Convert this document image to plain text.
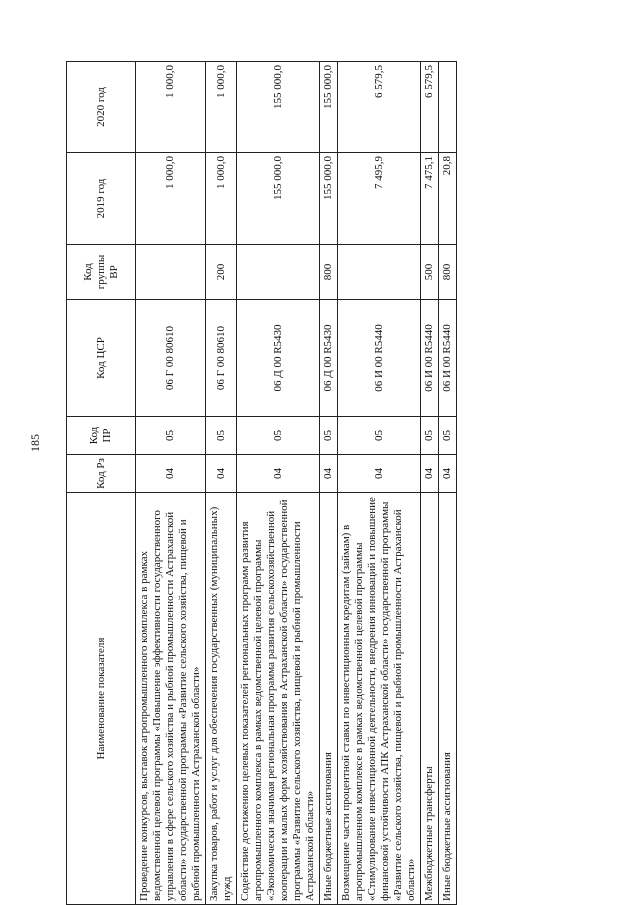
185
Наименование показателя	Код Рз	Код ПР	Код ЦСР	Код группы ВР	2019 год	2020 год
Проведение конкурсов, выставок агропромышленного комплекса в рамках ведомственной целевой программы «Повышение эффективности государственного управления в сфере сельского хозяйства и рыбной промышленности Астраханской области» государственной программы «Развитие сельского хозяйства, пищевой и рыбной промышленности Астраханской области»	04	05	06 Г 00 80610		1 000,0	1 000,0
Закупка товаров, работ и услуг для обеспечения государственных (муниципальных) нужд	04	05	06 Г 00 80610	200	1 000,0	1 000,0
Содействие достижению целевых показателей региональных программ развития агропромышленного комплекса в рамках ведомственной целевой программы «Экономически значимая региональная программа развития сельскохозяйственной кооперации и малых форм хозяйствования в Астраханской области» государственной программы «Развитие сельского хозяйства, пищевой и рыбной промышленности Астраханской области»	04	05	06 Д 00 R5430		155 000,0	155 000,0
Иные бюджетные ассигнования	04	05	06 Д 00 R5430	800	155 000,0	155 000,0
Возмещение части процентной ставки по инвестиционным кредитам (займам) в агропромышленном комплексе в рамках ведомственной целевой программы «Стимулирование инвестиционной деятельности, внедрения инноваций и повышение финансовой устойчивости АПК Астраханской области» государственной программы «Развитие сельского хозяйства, пищевой и рыбной промышленности Астраханской области»	04	05	06 И 00 R5440		7 495,9	6 579,5
Межбюджетные трансферты	04	05	06 И 00 R5440	500	7 475,1	6 579,5
Иные бюджетные ассигнования	04	05	06 И 00 R5440	800	20,8	
